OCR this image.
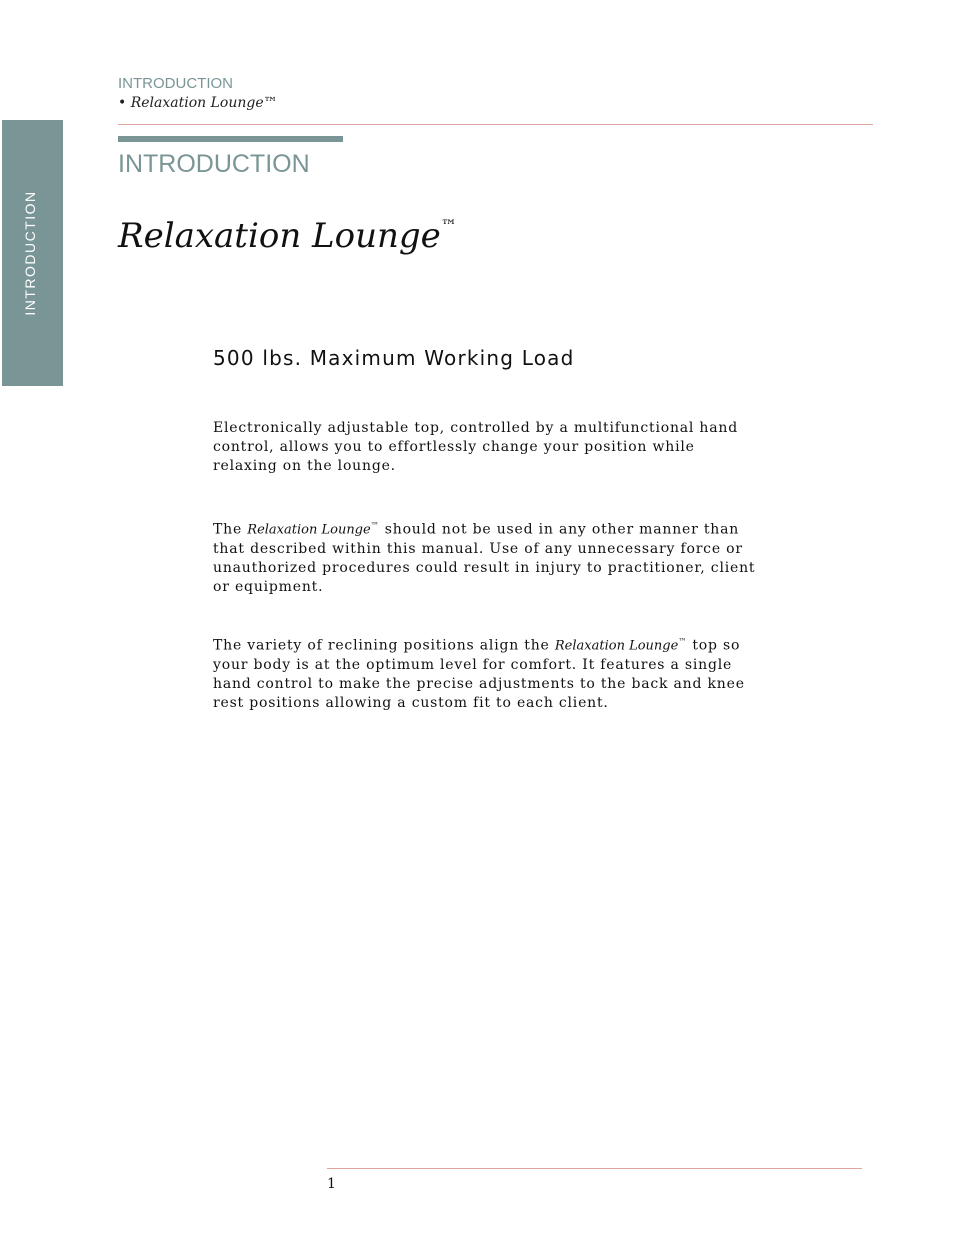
INTRODUCTION
INTRODUCTION
• Relaxation Lounge™
INTRODUCTION
Relaxation Lounge™
500 lbs. Maximum Working Load

Electronically adjustable top, controlled by a multifunctional hand control, allows you to effortlessly change your position while relaxing on the lounge.

The Relaxation Lounge™ should not be used in any other manner than that described within this manual. Use of any unnecessary force or unauthorized procedures could result in injury to practitioner, client or equipment.

The variety of reclining positions align the Relaxation Lounge™ top so your body is at the optimum level for comfort. It features a single hand control to make the precise adjustments to the back and knee rest positions allowing a custom fit to each client.

1
